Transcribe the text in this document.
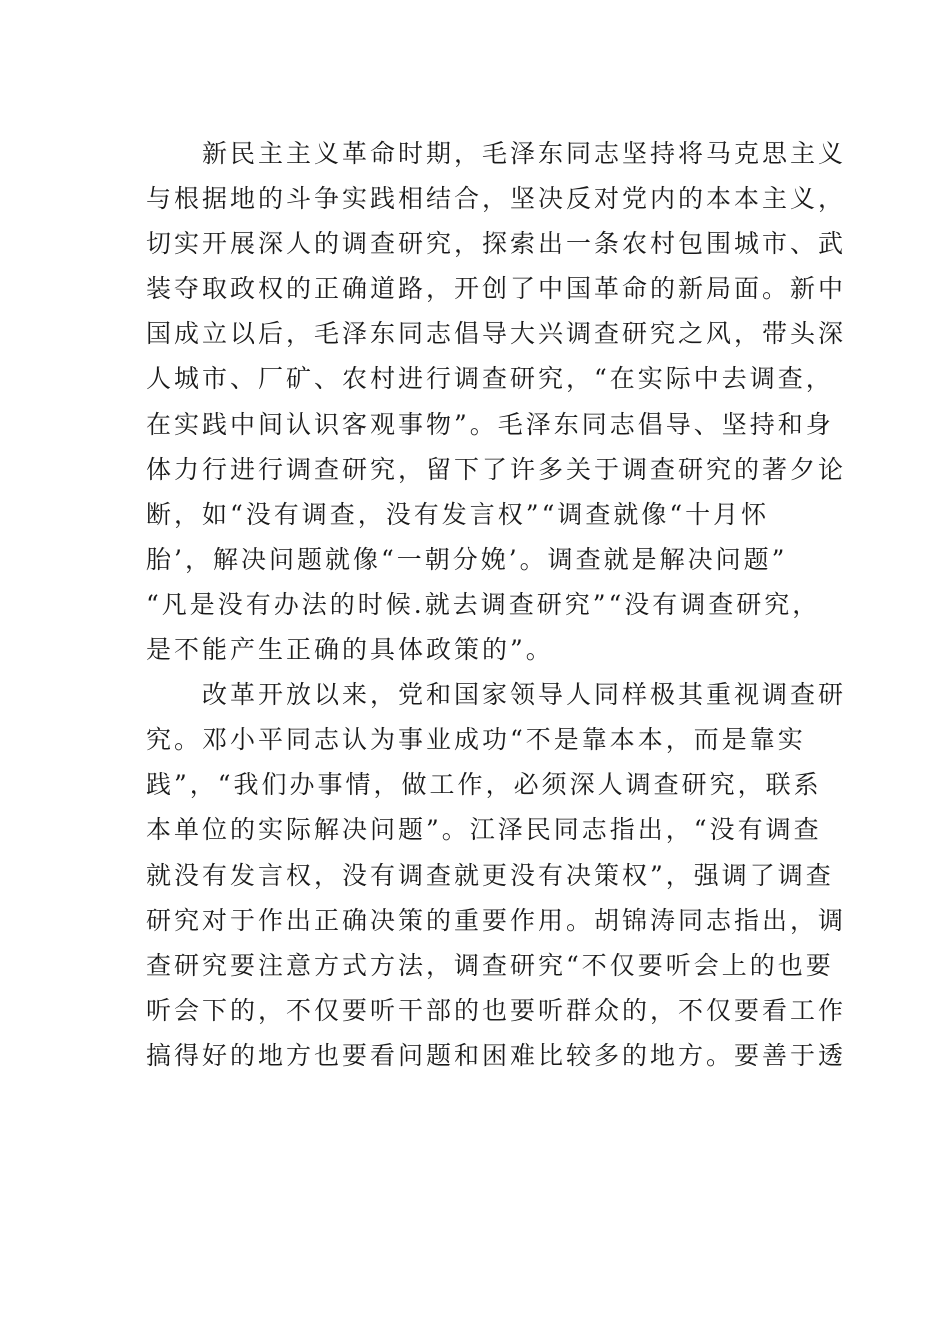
新民主主义革命时期，毛泽东同志坚持将马克思主义
与根据地的斗争实践相结合，坚决反对党内的本本主义，
切实开展深人的调查研究，探索出一条农村包围城市、武
装夺取政权的正确道路，开创了中国革命的新局面。新中
国成立以后，毛泽东同志倡导大兴调查研究之风，带头深
人城市、厂矿、农村进行调查研究，“在实际中去调查，
在实践中间认识客观事物”。毛泽东同志倡导、坚持和身
体力行进行调查研究，留下了许多关于调查研究的著夕论
断，如“没有调查，没有发言权”“调查就像“十月怀
胎’，解决问题就像“一朝分娩’。调查就是解决问题”
“凡是没有办法的时候.就去调查研究”“没有调查研究，
是不能产生正确的具体政策的”。
改革开放以来，党和国家领导人同样极其重视调查研
究。邓小平同志认为事业成功“不是靠本本，而是靠实
践”，“我们办事情，做工作，必须深人调查研究，联系
本单位的实际解决问题”。江泽民同志指出，“没有调查
就没有发言权，没有调查就更没有决策权”，强调了调查
研究对于作出正确决策的重要作用。胡锦涛同志指出，调
查研究要注意方式方法，调查研究“不仅要听会上的也要
听会下的，不仅要听干部的也要听群众的，不仅要看工作
搞得好的地方也要看问题和困难比较多的地方。要善于透
